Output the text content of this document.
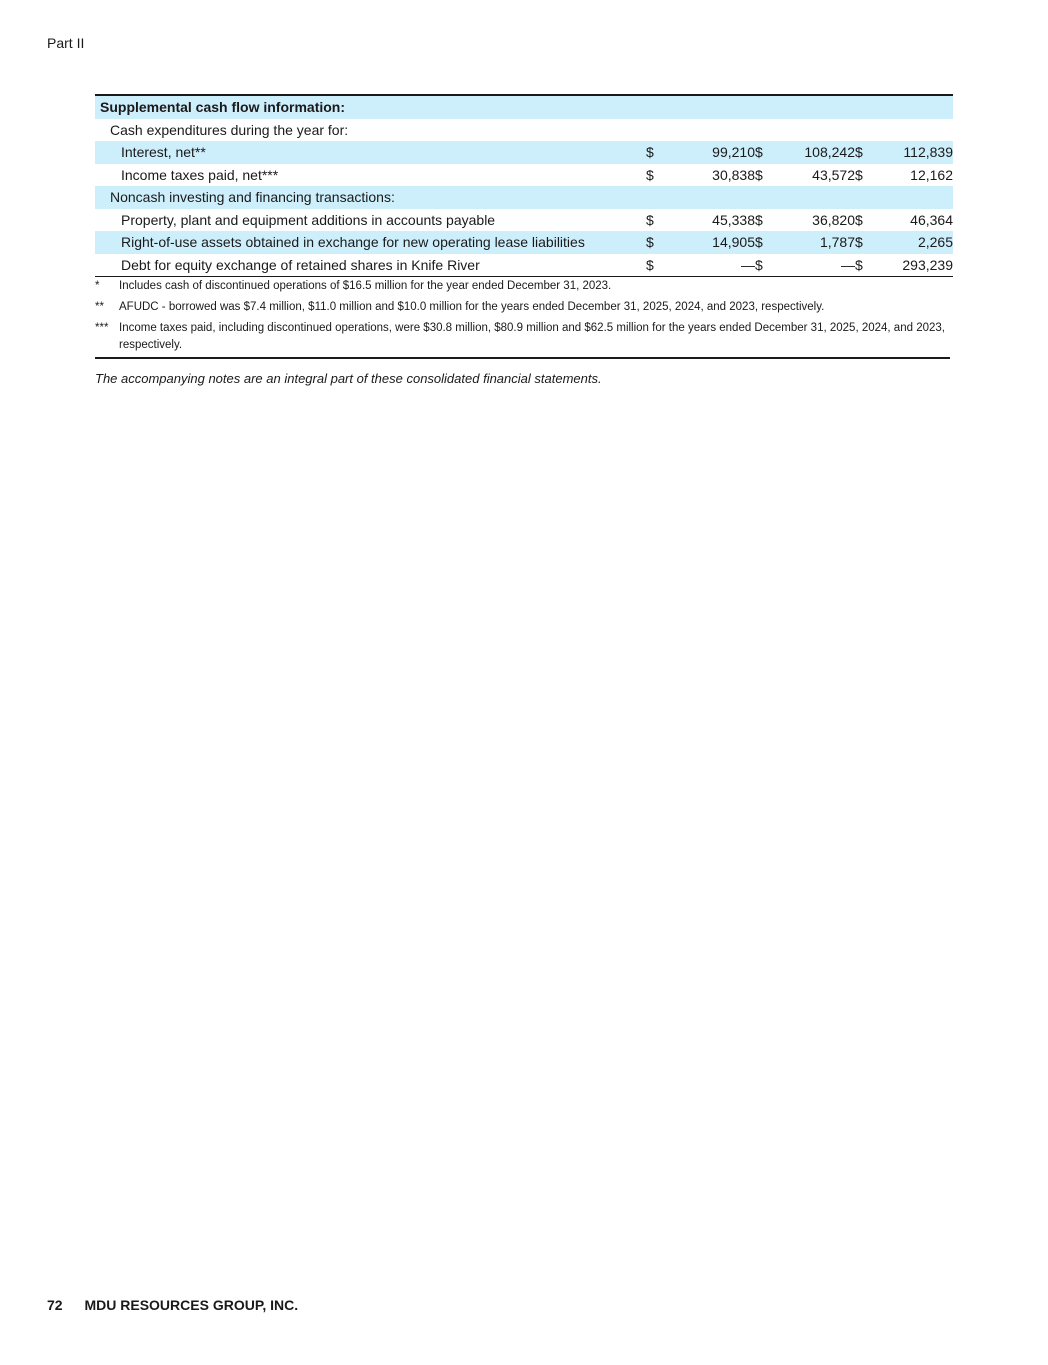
Part II
Supplemental cash flow information:						
Cash expenditures during the year for:						
Interest, net**	$	99,210	$	108,242	$	112,839
Income taxes paid, net***	$	30,838	$	43,572	$	12,162
Noncash investing and financing transactions:						
Property, plant and equipment additions in accounts payable	$	45,338	$	36,820	$	46,364
Right-of-use assets obtained in exchange for new operating lease liabilities	$	14,905	$	1,787	$	2,265
Debt for equity exchange of retained shares in Knife River	$	—	$	—	$	293,239
*	Includes cash of discontinued operations of $16.5 million for the year ended December 31, 2023.
**	AFUDC - borrowed was $7.4 million, $11.0 million and $10.0 million for the years ended December 31, 2025, 2024, and 2023, respectively.
*** Income taxes paid, including discontinued operations, were $30.8 million, $80.9 million and $62.5 million for the years ended December 31, 2025, 2024, and 2023, respectively.
The accompanying notes are an integral part of these consolidated financial statements.
72 MDU RESOURCES GROUP, INC.
